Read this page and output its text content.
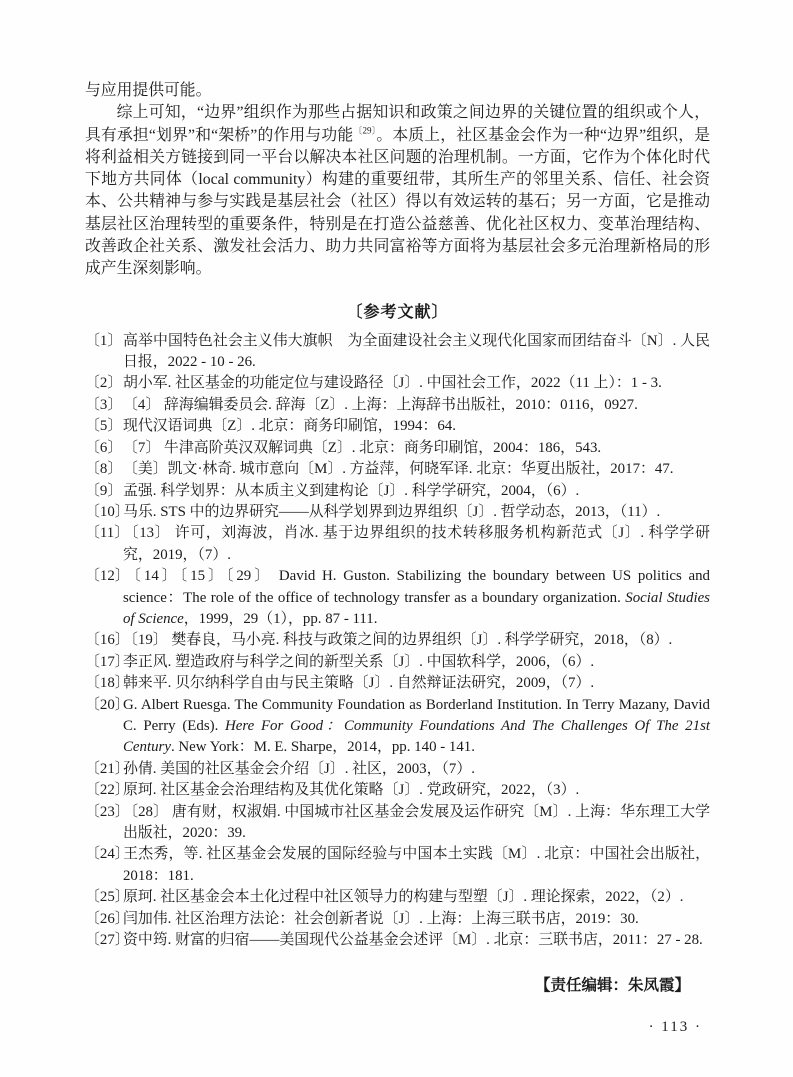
与应用提供可能。

综上可知，“边界”组织作为那些占据知识和政策之间边界的关键位置的组织或个人，具有承担“划界”和“架桥”的作用与功能$^{〔29〕}$。本质上，社区基金会作为一种“边界”组织，是将利益相关方链接到同一平台以解决本社区问题的治理机制。一方面，它作为个体化时代下地方共同体（local community）构建的重要纽带，其所生产的邻里关系、信任、社会资本、公共精神与参与实践是基层社会（社区）得以有效运转的基石；另一方面，它是推动基层社区治理转型的重要条件，特别是在打造公益慈善、优化社区权力、变革治理结构、改善政企社关系、激发社会活力、助力共同富裕等方面将为基层社会多元治理新格局的形成产生深刻影响。

〔参考文献〕
〔1〕高举中国特色社会主义伟大旗帜　为全面建设社会主义现代化国家而团结奋斗〔N〕. 人民日报，2022 - 10 - 26.
〔2〕胡小军. 社区基金的功能定位与建设路径〔J〕. 中国社会工作，2022（11 上）：1 - 3.
〔3〕〔4〕 辞海编辑委员会. 辞海〔Z〕. 上海：上海辞书出版社，2010：0116，0927.
〔5〕现代汉语词典〔Z〕. 北京：商务印刷馆，1994：64.
〔6〕〔7〕 牛津高阶英汉双解词典〔Z〕. 北京：商务印刷馆，2004：186，543.
〔8〕〔美〕凯文·林奇. 城市意向〔M〕. 方益萍，何晓军译. 北京：华夏出版社，2017：47.
〔9〕孟强. 科学划界：从本质主义到建构论〔J〕. 科学学研究，2004，（6）.
〔10〕马乐. STS 中的边界研究——从科学划界到边界组织〔J〕. 哲学动态，2013，（11）.
〔11〕〔13〕 许可，刘海波，肖冰. 基于边界组织的技术转移服务机构新范式〔J〕. 科学学研究，2019，（7）.
〔12〕〔14〕〔15〕〔29〕 David H. Guston. Stabilizing the boundary between US politics and science：The role of the office of technology transfer as a boundary organization. Social Studies of Science，1999，29（1），pp. 87 - 111.
〔16〕〔19〕 樊春良，马小亮. 科技与政策之间的边界组织〔J〕. 科学学研究，2018，（8）.
〔17〕李正风. 塑造政府与科学之间的新型关系〔J〕. 中国软科学，2006，（6）.
〔18〕韩来平. 贝尔纳科学自由与民主策略〔J〕. 自然辩证法研究，2009，（7）.
〔20〕G. Albert Ruesga. The Community Foundation as Borderland Institution. In Terry Mazany, David C. Perry (Eds). Here For Good：Community Foundations And The Challenges Of The 21st Century. New York：M. E. Sharpe，2014，pp. 140 - 141.
〔21〕孙倩. 美国的社区基金会介绍〔J〕. 社区，2003，（7）.
〔22〕原珂. 社区基金会治理结构及其优化策略〔J〕. 党政研究，2022，（3）.
〔23〕〔28〕 唐有财，权淑娟. 中国城市社区基金会发展及运作研究〔M〕. 上海：华东理工大学出版社，2020：39.
〔24〕王杰秀，等. 社区基金会发展的国际经验与中国本土实践〔M〕. 北京：中国社会出版社，2018：181.
〔25〕原珂. 社区基金会本土化过程中社区领导力的构建与型塑〔J〕. 理论探索，2022，（2）.
〔26〕闫加伟. 社区治理方法论：社会创新者说〔J〕. 上海：上海三联书店，2019：30.
〔27〕资中筠. 财富的归宿——美国现代公益基金会述评〔M〕. 北京：三联书店，2011：27 - 28.
【责任编辑：朱凤霞】
· 113 ·
